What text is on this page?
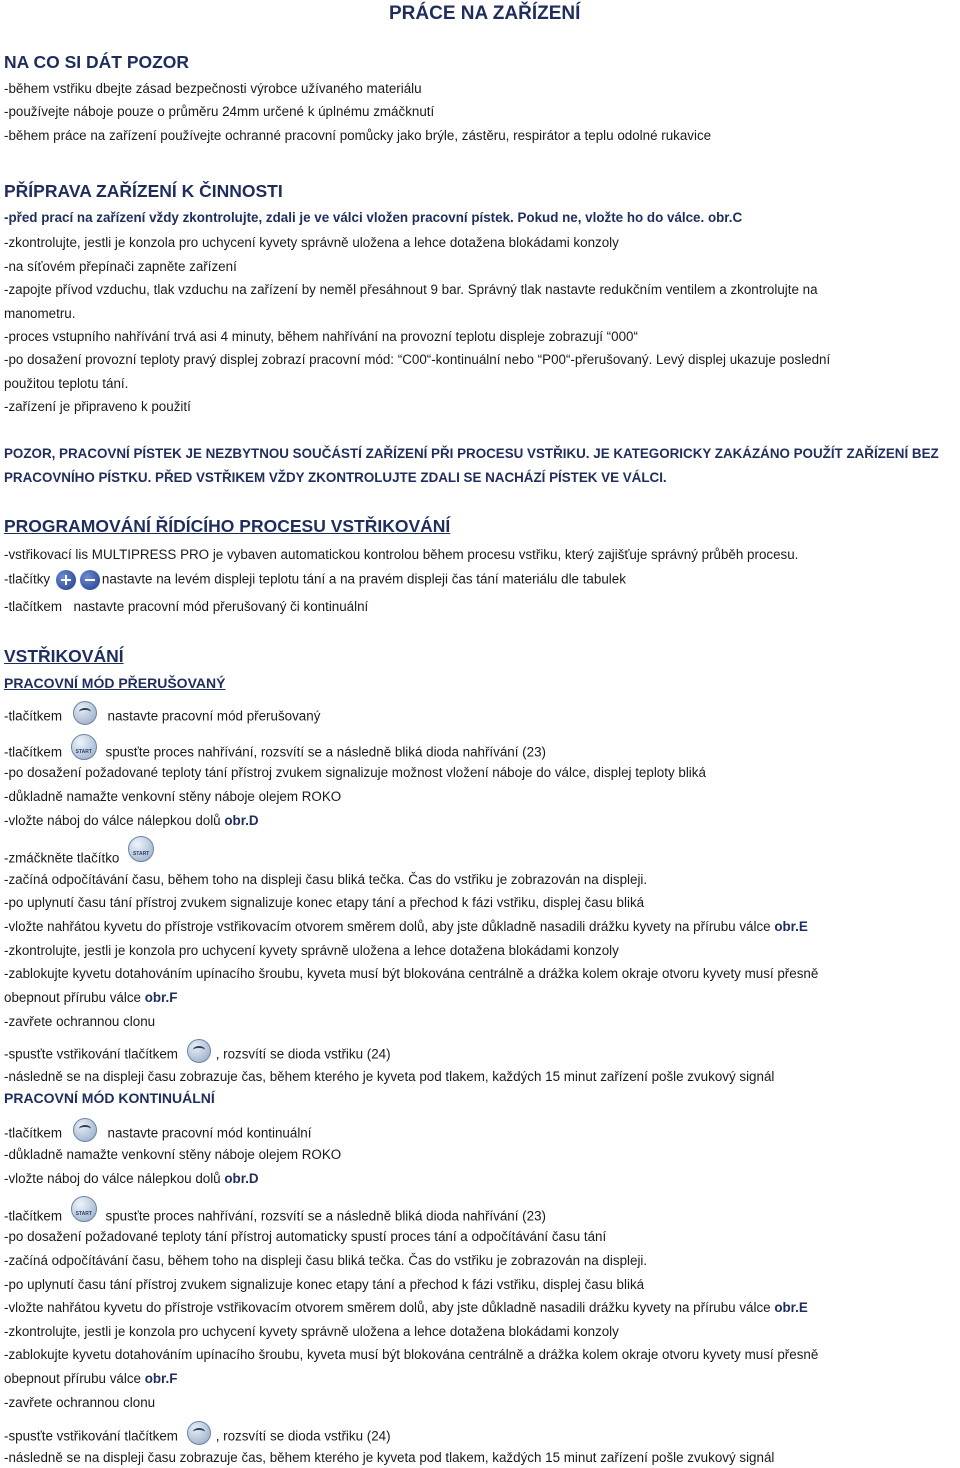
PRÁCE NA ZAŘÍZENÍ
NA CO SI DÁT POZOR
-během vstřiku dbejte zásad bezpečnosti výrobce užívaného materiálu
-používejte náboje pouze o průměru 24mm určené k úplnému zmáčknutí
-během práce na zařízení používejte ochranné pracovní pomůcky jako brýle, zástěru, respirátor a teplu odolné rukavice
PŘÍPRAVA ZAŘÍZENÍ K ČINNOSTI
-před prací na zařízení vždy zkontrolujte, zdali je ve válci vložen pracovní pístek. Pokud ne, vložte ho do válce. obr.C
-zkontrolujte, jestli je konzola pro uchycení kyvety správně uložena a lehce dotažena blokádami konzoly
-na síťovém přepínači zapněte zařízení
-zapojte přívod vzduchu, tlak vzduchu na zařízení by neměl přesáhnout 9 bar. Správný tlak nastavte redukčním ventilem a zkontrolujte na
manometru.
-proces vstupního nahřívání trvá asi 4 minuty, během nahřívání na provozní teplotu displeje zobrazují “000“
-po dosažení provozní teploty pravý displej zobrazí pracovní mód: “C00“-kontinuální nebo “P00“-přerušovaný. Levý displej ukazuje poslední
použitou teplotu tání.
-zařízení je připraveno k použití
POZOR, PRACOVNÍ PÍSTEK JE NEZBYTNOU SOUČÁSTÍ ZAŘÍZENÍ PŘI PROCESU VSTŘIKU. JE KATEGORICKY ZAKÁZÁNO POUŽÍT ZAŘÍZENÍ BEZ
PRACOVNÍHO PÍSTKU. PŘED VSTŘIKEM VŽDY ZKONTROLUJTE ZDALI SE NACHÁZÍ PÍSTEK VE VÁLCI.
PROGRAMOVÁNÍ ŘÍDÍCÍHO PROCESU VSTŘIKOVÁNÍ
-vstřikovací lis MULTIPRESS PRO je vybaven automatickou kontrolou během procesu vstřiku, který zajišťuje správný průběh procesu.
-tlačítky	nastavte na levém displeji teplotu tání a na pravém displeji čas tání materiálu dle tabulek
-tlačítkem nastavte pracovní mód přerušovaný či kontinuální
VSTŘIKOVÁNÍ
PRACOVNÍ MÓD PŘERUŠOVANÝ
-tlačítkem	nastavte pracovní mód přerušovaný
-tlačítkem	START spusťte proces nahřívání, rozsvítí se a následně bliká dioda nahřívání (23)
-po dosažení požadované teploty tání přístroj zvukem signalizuje možnost vložení náboje do válce, displej teploty bliká
-důkladně namažte venkovní stěny náboje olejem ROKO
-vložte náboj do válce nálepkou dolů obr.D
-zmáčkněte tlačítko	START
-začíná odpočítávání času, během toho na displeji času bliká tečka. Čas do vstřiku je zobrazován na displeji.
-po uplynutí času tání přístroj zvukem signalizuje konec etapy tání a přechod k fázi vstřiku, displej času bliká
-vložte nahřátou kyvetu do přístroje vstřikovacím otvorem směrem dolů, aby jste důkladně nasadili drážku kyvety na přírubu válce obr.E
-zkontrolujte, jestli je konzola pro uchycení kyvety správně uložena a lehce dotažena blokádami konzoly
-zablokujte kyvetu dotahováním upínacího šroubu, kyveta musí být blokována centrálně a drážka kolem okraje otvoru kyvety musí přesně
obepnout přírubu válce obr.F
-zavřete ochrannou clonu
-spusťte vstřikování tlačítkem	, rozsvítí se dioda vstřiku (24)
-následně se na displeji času zobrazuje čas, během kterého je kyveta pod tlakem, každých 15 minut zařízení pošle zvukový signál
PRACOVNÍ MÓD KONTINUÁLNÍ
-tlačítkem	nastavte pracovní mód kontinuální
-důkladně namažte venkovní stěny náboje olejem ROKO
-vložte náboj do válce nálepkou dolů obr.D
-tlačítkem	START spusťte proces nahřívání, rozsvítí se a následně bliká dioda nahřívání (23)
-po dosažení požadované teploty tání přístroj automaticky spustí proces tání a odpočítávání času tání
-začíná odpočítávání času, během toho na displeji času bliká tečka. Čas do vstřiku je zobrazován na displeji.
-po uplynutí času tání přístroj zvukem signalizuje konec etapy tání a přechod k fázi vstřiku, displej času bliká
-vložte nahřátou kyvetu do přístroje vstřikovacím otvorem směrem dolů, aby jste důkladně nasadili drážku kyvety na přírubu válce obr.E
-zkontrolujte, jestli je konzola pro uchycení kyvety správně uložena a lehce dotažena blokádami konzoly
-zablokujte kyvetu dotahováním upínacího šroubu, kyveta musí být blokována centrálně a drážka kolem okraje otvoru kyvety musí přesně
obepnout přírubu válce obr.F
-zavřete ochrannou clonu
-spusťte vstřikování tlačítkem	, rozsvítí se dioda vstřiku (24)
-následně se na displeji času zobrazuje čas, během kterého je kyveta pod tlakem, každých 15 minut zařízení pošle zvukový signál
